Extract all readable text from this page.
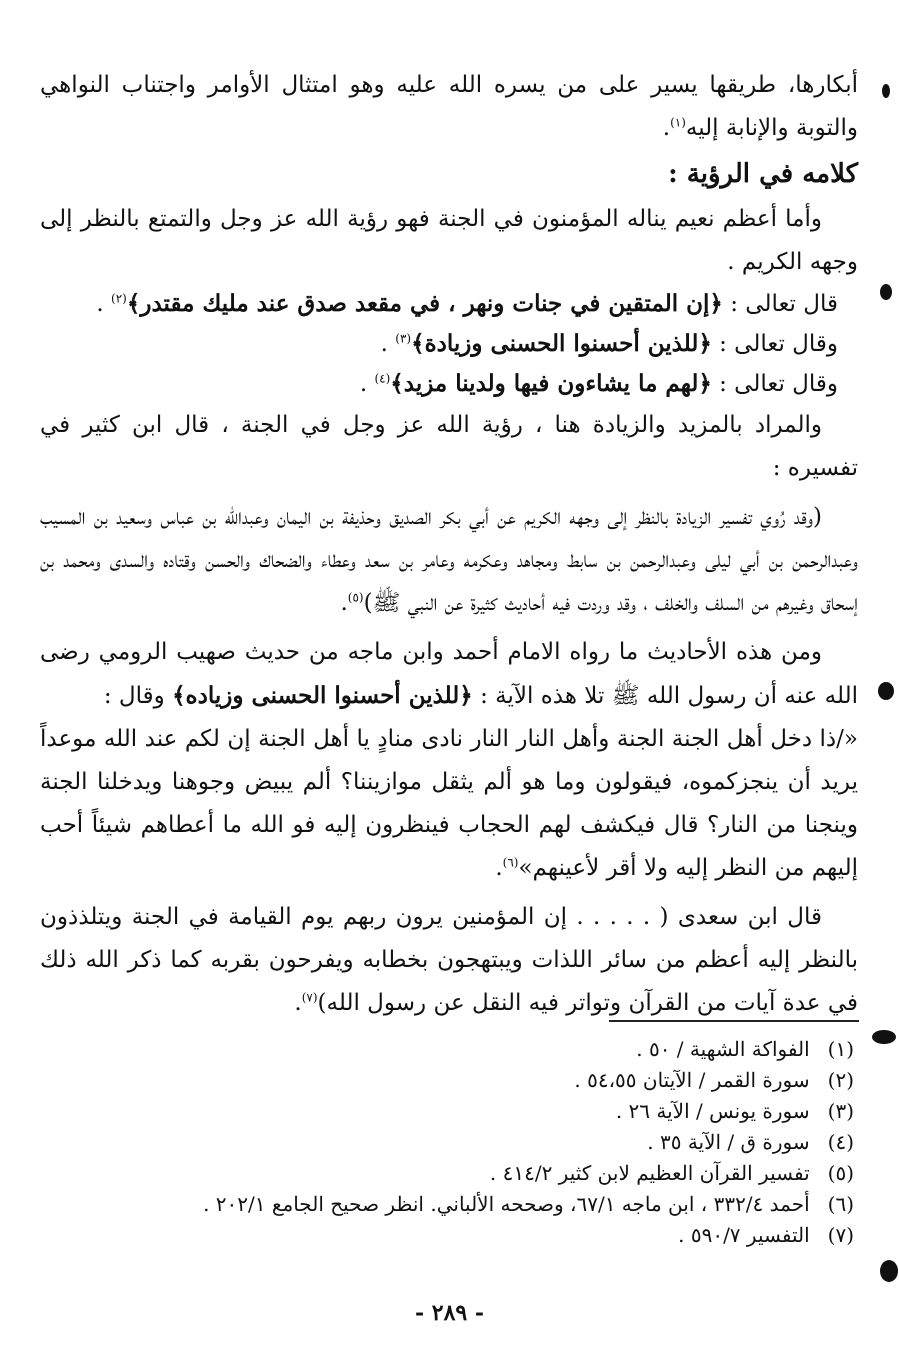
أبكارها، طريقها يسير على من يسره الله عليه وهو امتثال الأوامر واجتناب النواهي والتوبة والإنابة إليه$^{(١)}$.

كلامه في الرؤية :

وأما أعظم نعيم يناله المؤمنون في الجنة فهو رؤية الله عز وجل والتمتع بالنظر إلى وجهه الكريم .

قال تعالى : ﴿إن المتقين في جنات ونهر ، في مقعد صدق عند مليك مقتدر﴾$^{(٢)}$ .

وقال تعالى : ﴿للذين أحسنوا الحسنى وزيادة﴾$^{(٣)}$ .

وقال تعالى : ﴿لهم ما يشاءون فيها ولدينا مزيد﴾$^{(٤)}$ .

والمراد بالمزيد والزيادة هنا ، رؤية الله عز وجل في الجنة ، قال ابن كثير في تفسيره :

(وقد رُوي تفسير الزيادة بالنظر إلى وجهه الكريم عن أبي بكر الصديق وحذيفة بن اليمان وعبدالله بن عباس وسعيد بن المسيب وعبدالرحمن بن أبي ليلى وعبدالرحمن بن سابط ومجاهد وعكرمه وعامر بن سعد وعطاء والضحاك والحسن وقتاده والسدى ومحمد بن إسحاق وغيرهم من السلف والخلف ، وقد وردت فيه أحاديث كثيرة عن النبي ﷺ)$^{(٥)}$.

ومن هذه الأحاديث ما رواه الامام أحمد وابن ماجه من حديث صهيب الرومي رضى الله عنه أن رسول الله ﷺ تلا هذه الآية : ﴿للذين أحسنوا الحسنى وزياده﴾ وقال :
«/ذا دخل أهل الجنة الجنة وأهل النار النار نادى منادٍ يا أهل الجنة إن لكم عند الله موعداً يريد أن ينجزكموه، فيقولون وما هو ألم يثقل موازيننا؟ ألم يبيض وجوهنا ويدخلنا الجنة وينجنا من النار؟ قال فيكشف لهم الحجاب فينظرون إليه فو الله ما أعطاهم شيئاً أحب إليهم من النظر إليه ولا أقر لأعينهم»$^{(٦)}$.

قال ابن سعدى ( . . . . . إن المؤمنين يرون ربهم يوم القيامة في الجنة ويتلذذون بالنظر إليه أعظم من سائر اللذات ويبتهجون بخطابه ويفرحون بقربه كما ذكر الله ذلك في عدة آيات من القرآن وتواتر فيه النقل عن رسول الله)$^{(٧)}$.

(١) الفواكة الشهية / ٥٠ .

(٢) سورة القمر / الآيتان ٥٤،٥٥ .

(٣) سورة يونس / الآية ٢٦ .

(٤) سورة ق / الآية ٣٥ .

(٥) تفسير القرآن العظيم لابن كثير ٤١٤/٢ .

(٦) أحمد ٣٣٢/٤ ، ابن ماجه ٦٧/١، وصححه الألباني. انظر صحيح الجامع ٢٠٢/١ .

(٧) التفسير ٥٩٠/٧ .

- ٢٨٩ -
